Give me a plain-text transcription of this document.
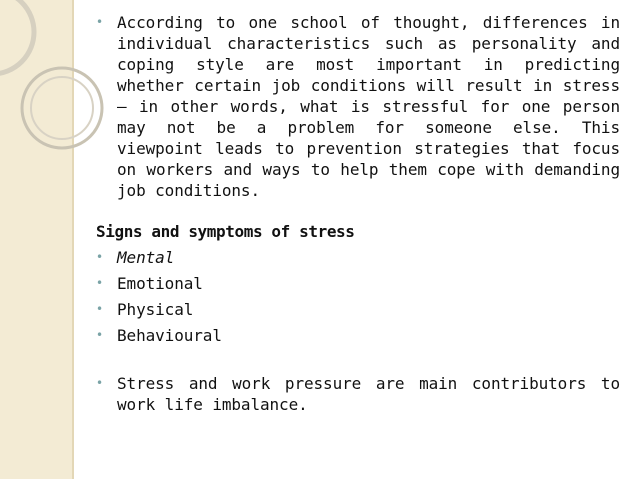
• According to one school of thought, differences in individual characteristics such as personality and coping style are most important in predicting whether certain job conditions will result in stress – in other words, what is stressful for one person may not be a problem for someone else. This viewpoint leads to prevention strategies that focus on workers and ways to help them cope with demanding job conditions.
Signs and symptoms of stress
• Mental
• Emotional
• Physical
• Behavioural
• Stress and work pressure are main contributors to work life imbalance.
